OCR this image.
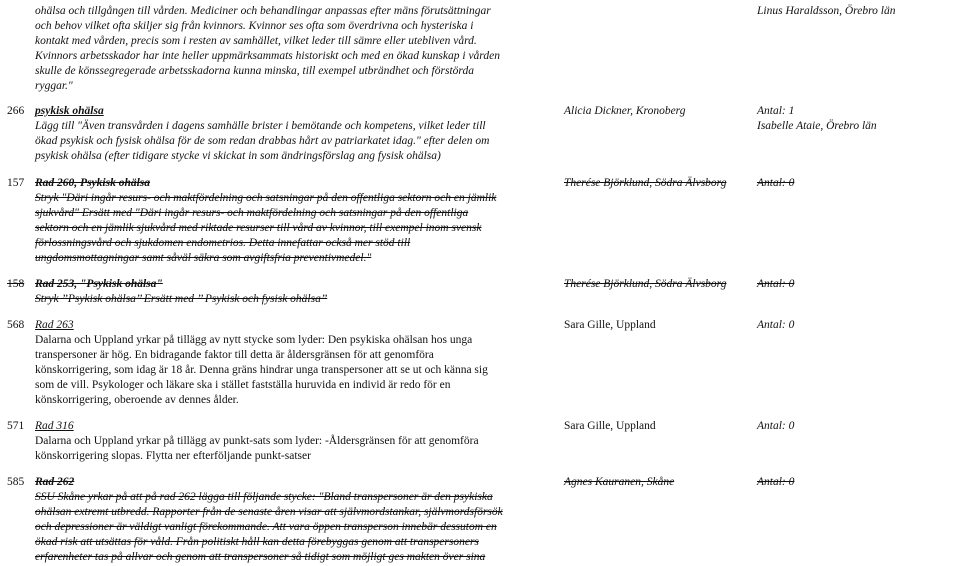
ohälsa och tillgången till vården. Mediciner och behandlingar anpassas efter mäns förutsättningar
och behov vilket ofta skiljer sig från kvinnors. Kvinnor ses ofta som överdrivna och hysteriska i
kontakt med vården, precis som i resten av samhället, vilket leder till sämre eller utebliven vård.
Kvinnors arbetsskador har inte heller uppmärksammats historiskt och med en ökad kunskap i vården
skulle de könssegregerade arbetsskadorna kunna minska, till exempel utbrändhet och förstörda
ryggar."
Linus Haraldsson, Örebro län
266 psykisk ohälsa	Alicia Dickner, Kronoberg	Antal: 1
Isabelle Ataie, Örebro län
Lägg till "Även transvården i dagens samhälle brister i bemötande och kompetens, vilket leder till
ökad psykisk och fysisk ohälsa för de som redan drabbas hårt av patriarkatet idag." efter delen om
psykisk ohälsa (efter tidigare stycke vi skickat in som ändringsförslag ang fysisk ohälsa)
157 Rad 260, Psykisk ohälsa	Therése Björklund, Södra Älvsborg	Antal: 0
Stryk "Däri ingår resurs- och maktfördelning och satsningar på den offentliga sektorn och en jämlik
sjukvård" Ersätt med "Däri ingår resurs- och maktfördelning och satsningar på den offentliga
sektorn och en jämlik sjukvård med riktade resurser till vård av kvinnor, till exempel inom svensk
förlossningsvård och sjukdomen endometrios. Detta innefattar också mer stöd till
ungdomsmottagningar samt såväl säkra som avgiftsfria preventivmedel."
158 Rad 253, "Psykisk ohälsa"	Therése Björklund, Södra Älvsborg	Antal: 0
Stryk ’’Psykisk ohälsa’’ Ersätt med ’’ Psykisk och fysisk ohälsa’’
568 Rad 263	Sara Gille, Uppland	Antal: 0
Dalarna och Uppland yrkar på tillägg av nytt stycke som lyder: Den psykiska ohälsan hos unga
transpersoner är hög. En bidragande faktor till detta är åldersgränsen för att genomföra
könskorrigering, som idag är 18 år. Denna gräns hindrar unga transpersoner att se ut och känna sig
som de vill. Psykologer och läkare ska i stället fastställa huruvida en individ är redo för en
könskorrigering, oberoende av dennes ålder.
571 Rad 316	Sara Gille, Uppland	Antal: 0
Dalarna och Uppland yrkar på tillägg av punkt-sats som lyder: -Åldersgränsen för att genomföra
könskorrigering slopas. Flytta ner efterföljande punkt-satser
585 Rad 262	Agnes Kauranen, Skåne	Antal: 0
SSU Skåne yrkar på att på rad 262 lägga till följande stycke: "Bland transpersoner är den psykiska
ohälsan extremt utbredd. Rapporter från de senaste åren visar att självmordstankar, självmordsförsök
och depressioner är väldigt vanligt förekommande. Att vara öppen transperson innebär dessutom en
ökad risk att utsättas för våld. Från politiskt håll kan detta förebyggas genom att transpersoners
erfarenheter tas på allvar och genom att transpersoner så tidigt som möjligt ges makten över sina
